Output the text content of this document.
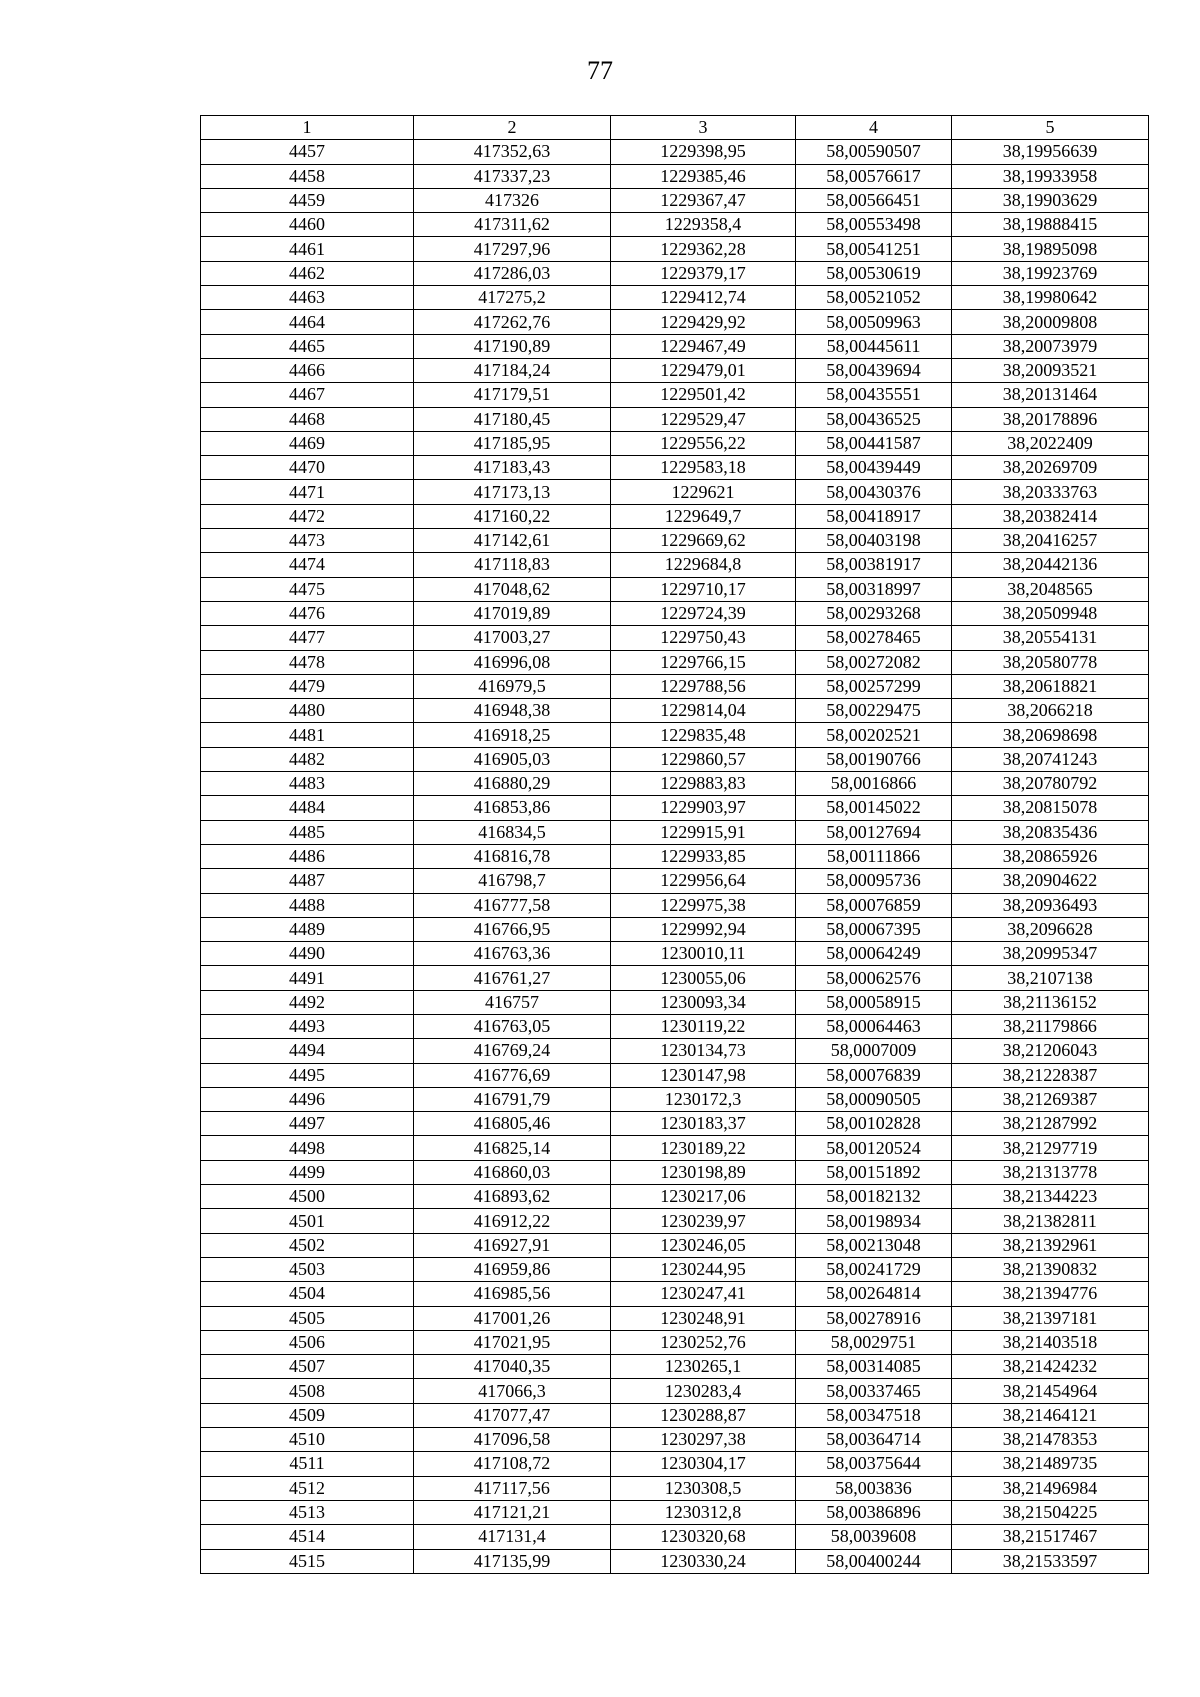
77
1	2	3	4	5
4457	417352,63	1229398,95	58,00590507	38,19956639
4458	417337,23	1229385,46	58,00576617	38,19933958
4459	417326	1229367,47	58,00566451	38,19903629
4460	417311,62	1229358,4	58,00553498	38,19888415
4461	417297,96	1229362,28	58,00541251	38,19895098
4462	417286,03	1229379,17	58,00530619	38,19923769
4463	417275,2	1229412,74	58,00521052	38,19980642
4464	417262,76	1229429,92	58,00509963	38,20009808
4465	417190,89	1229467,49	58,00445611	38,20073979
4466	417184,24	1229479,01	58,00439694	38,20093521
4467	417179,51	1229501,42	58,00435551	38,20131464
4468	417180,45	1229529,47	58,00436525	38,20178896
4469	417185,95	1229556,22	58,00441587	38,2022409
4470	417183,43	1229583,18	58,00439449	38,20269709
4471	417173,13	1229621	58,00430376	38,20333763
4472	417160,22	1229649,7	58,00418917	38,20382414
4473	417142,61	1229669,62	58,00403198	38,20416257
4474	417118,83	1229684,8	58,00381917	38,20442136
4475	417048,62	1229710,17	58,00318997	38,2048565
4476	417019,89	1229724,39	58,00293268	38,20509948
4477	417003,27	1229750,43	58,00278465	38,20554131
4478	416996,08	1229766,15	58,00272082	38,20580778
4479	416979,5	1229788,56	58,00257299	38,20618821
4480	416948,38	1229814,04	58,00229475	38,2066218
4481	416918,25	1229835,48	58,00202521	38,20698698
4482	416905,03	1229860,57	58,00190766	38,20741243
4483	416880,29	1229883,83	58,0016866	38,20780792
4484	416853,86	1229903,97	58,00145022	38,20815078
4485	416834,5	1229915,91	58,00127694	38,20835436
4486	416816,78	1229933,85	58,00111866	38,20865926
4487	416798,7	1229956,64	58,00095736	38,20904622
4488	416777,58	1229975,38	58,00076859	38,20936493
4489	416766,95	1229992,94	58,00067395	38,2096628
4490	416763,36	1230010,11	58,00064249	38,20995347
4491	416761,27	1230055,06	58,00062576	38,2107138
4492	416757	1230093,34	58,00058915	38,21136152
4493	416763,05	1230119,22	58,00064463	38,21179866
4494	416769,24	1230134,73	58,0007009	38,21206043
4495	416776,69	1230147,98	58,00076839	38,21228387
4496	416791,79	1230172,3	58,00090505	38,21269387
4497	416805,46	1230183,37	58,00102828	38,21287992
4498	416825,14	1230189,22	58,00120524	38,21297719
4499	416860,03	1230198,89	58,00151892	38,21313778
4500	416893,62	1230217,06	58,00182132	38,21344223
4501	416912,22	1230239,97	58,00198934	38,21382811
4502	416927,91	1230246,05	58,00213048	38,21392961
4503	416959,86	1230244,95	58,00241729	38,21390832
4504	416985,56	1230247,41	58,00264814	38,21394776
4505	417001,26	1230248,91	58,00278916	38,21397181
4506	417021,95	1230252,76	58,0029751	38,21403518
4507	417040,35	1230265,1	58,00314085	38,21424232
4508	417066,3	1230283,4	58,00337465	38,21454964
4509	417077,47	1230288,87	58,00347518	38,21464121
4510	417096,58	1230297,38	58,00364714	38,21478353
4511	417108,72	1230304,17	58,00375644	38,21489735
4512	417117,56	1230308,5	58,003836	38,21496984
4513	417121,21	1230312,8	58,00386896	38,21504225
4514	417131,4	1230320,68	58,0039608	38,21517467
4515	417135,99	1230330,24	58,00400244	38,21533597
